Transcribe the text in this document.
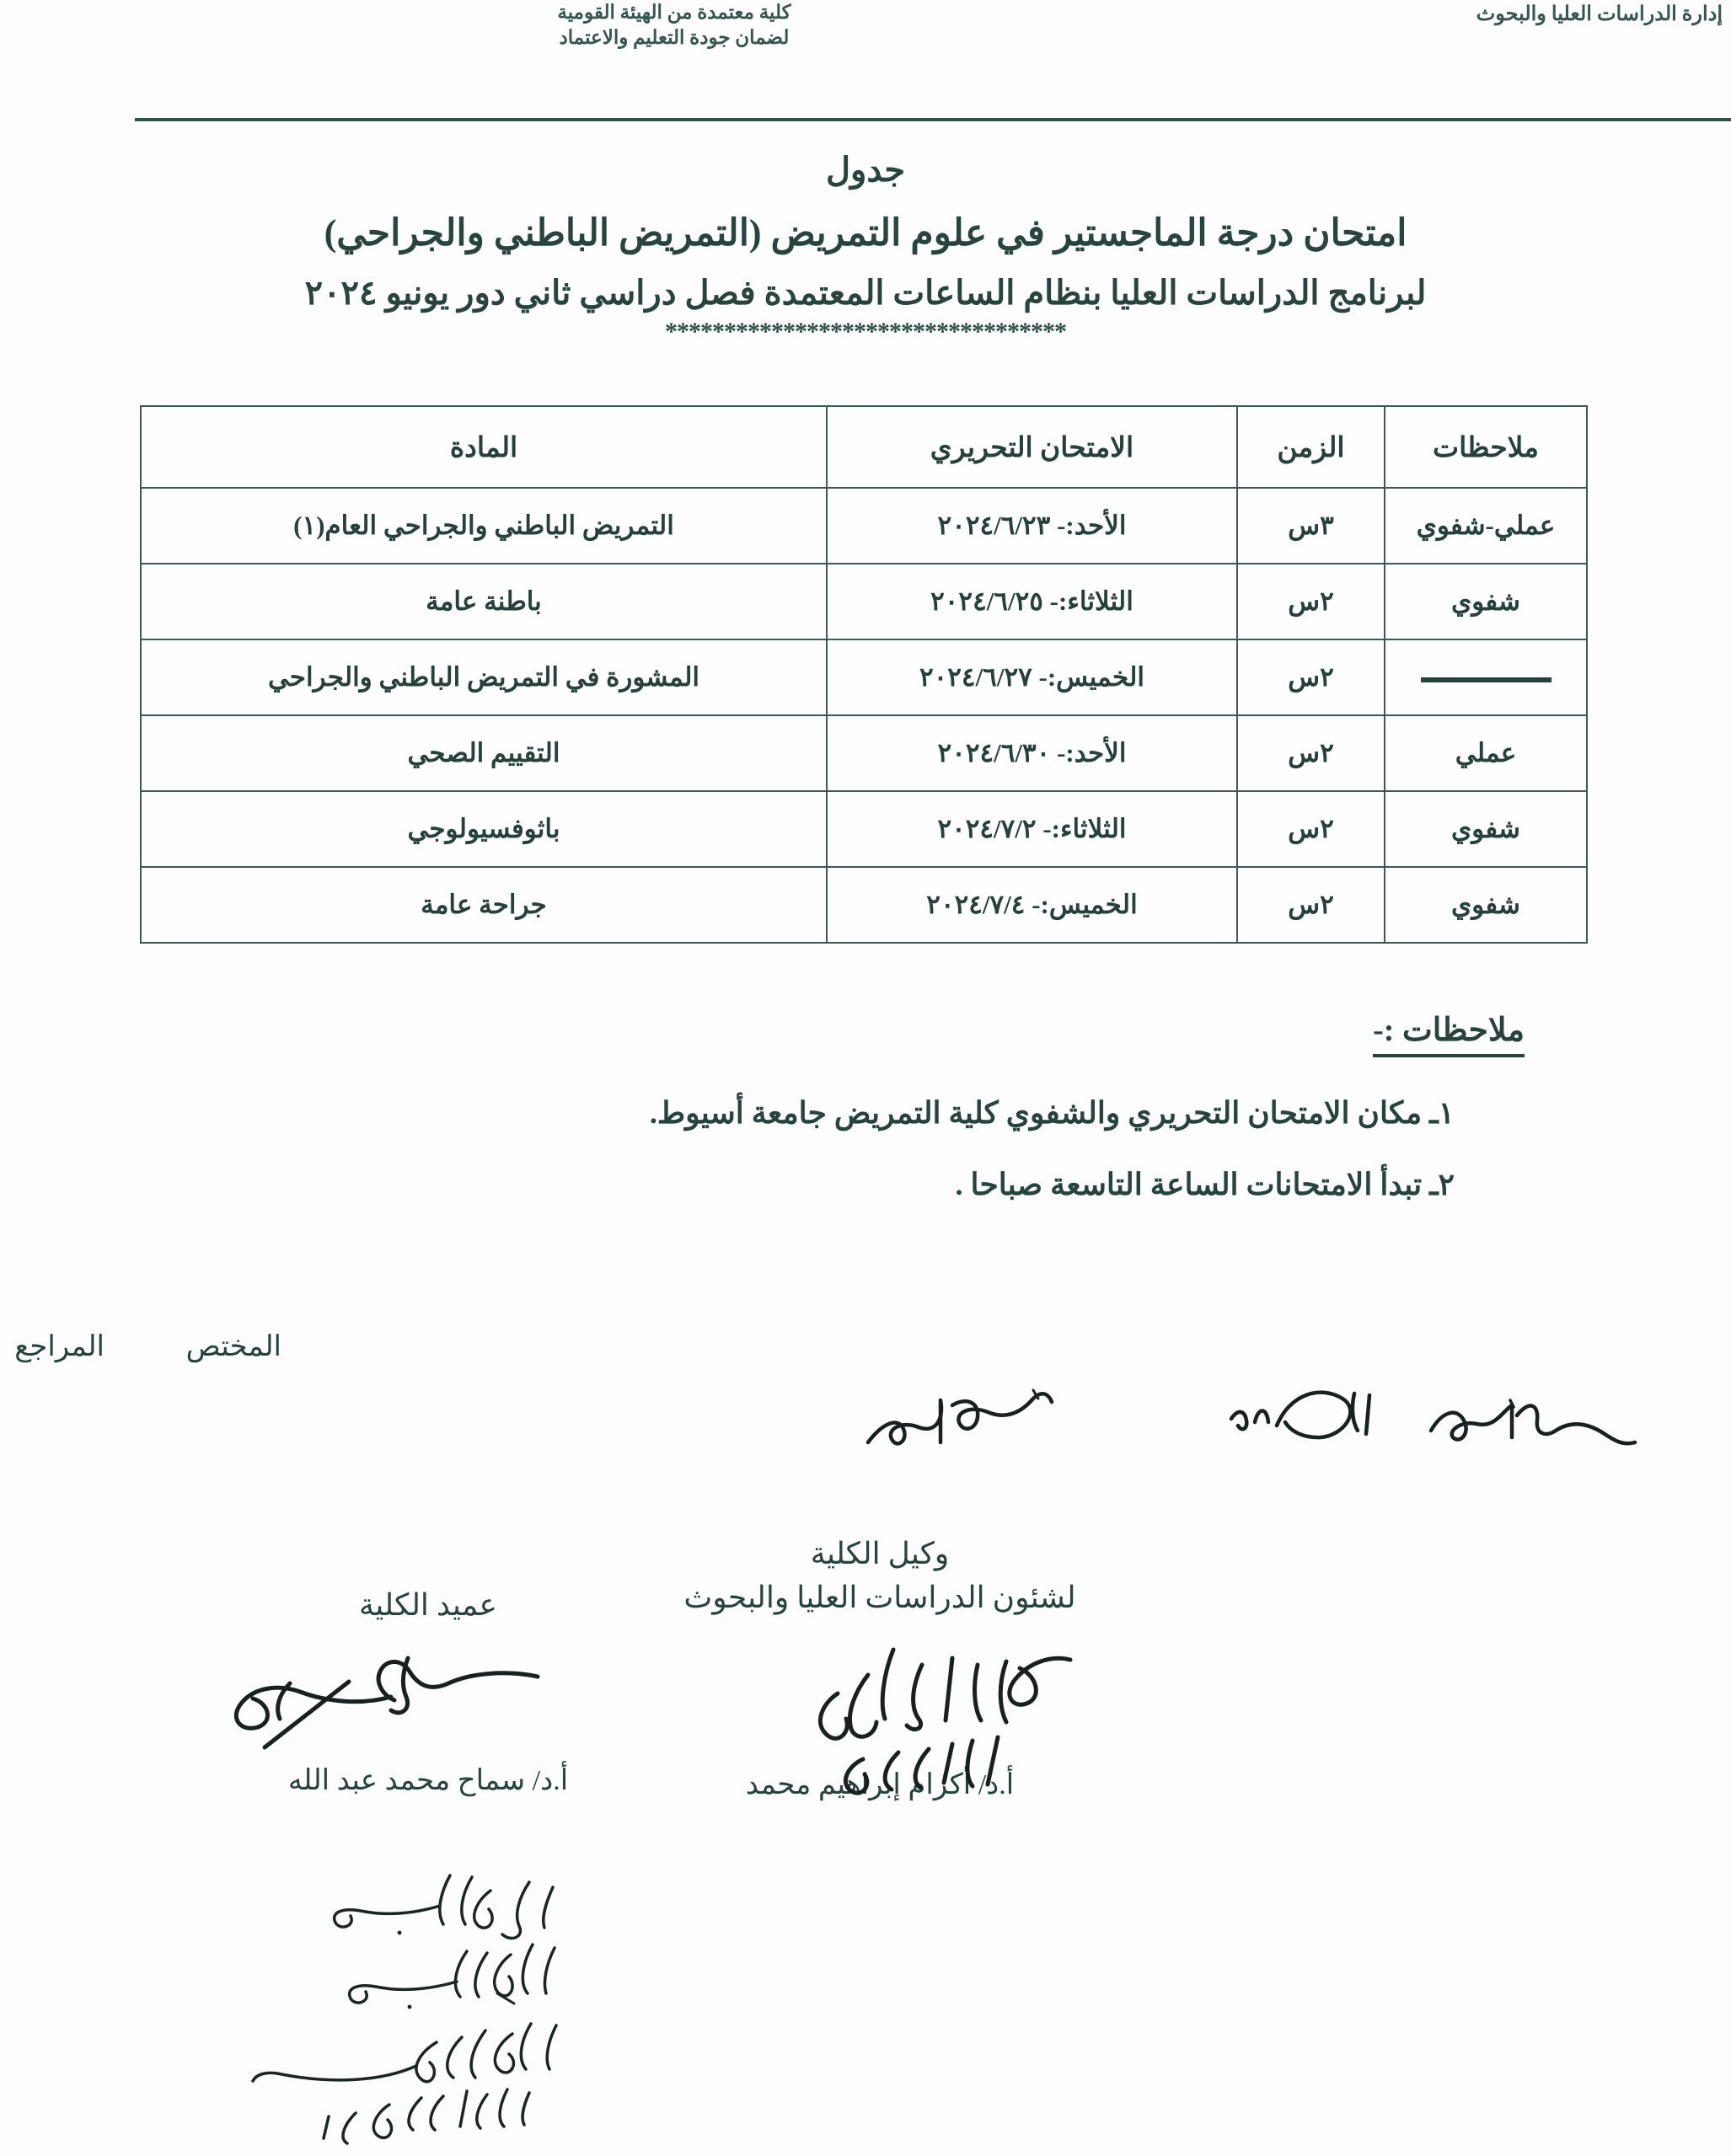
إدارة الدراسات العليا والبحوث
كلية معتمدة من الهيئة القومية
لضمان جودة التعليم والاعتماد
جدول
امتحان درجة الماجستير في علوم التمريض (التمريض الباطني والجراحي)
لبرنامج الدراسات العليا بنظام الساعات المعتمدة فصل دراسي ثاني دور يونيو ٢٠٢٤
**********************************
ملاحظات	الزمن	الامتحان التحريري	المادة
عملي-شفوي	٣س	الأحد:- ٢٠٢٤/٦/٢٣	التمريض الباطني والجراحي العام(١)
شفوي	٢س	الثلاثاء:- ٢٠٢٤/٦/٢٥	باطنة عامة
	٢س	الخميس:- ٢٠٢٤/٦/٢٧	المشورة في التمريض الباطني والجراحي
عملي	٢س	الأحد:- ٢٠٢٤/٦/٣٠	التقييم الصحي
شفوي	٢س	الثلاثاء:- ٢٠٢٤/٧/٢	باثوفسيولوجي
شفوي	٢س	الخميس:- ٢٠٢٤/٧/٤	جراحة عامة
ملاحظات :-
١ـ مكان الامتحان التحريري والشفوي كلية التمريض جامعة أسيوط.
٢ـ تبدأ الامتحانات الساعة التاسعة صباحا .
المختص
المراجع
وكيل الكلية
لشئون الدراسات العليا والبحوث
أ.د/ أكرام إبراهيم محمد
عميد الكلية
أ.د/ سماح محمد عبد الله
